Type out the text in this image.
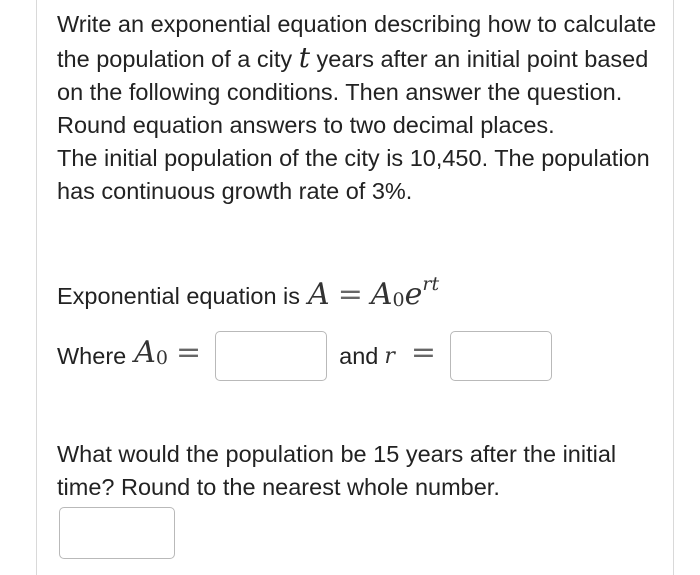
Write an exponential equation describing how to calculate the population of a city t years after an initial point based on the following conditions. Then answer the question. Round equation answers to two decimal places.

The initial population of the city is 10,450. The population has continuous growth rate of 3%.

Exponential equation is $A = A_0e^{rt}$
Where $A_0$ =	and r =

What would the population be 15 years after the initial time? Round to the nearest whole number.
